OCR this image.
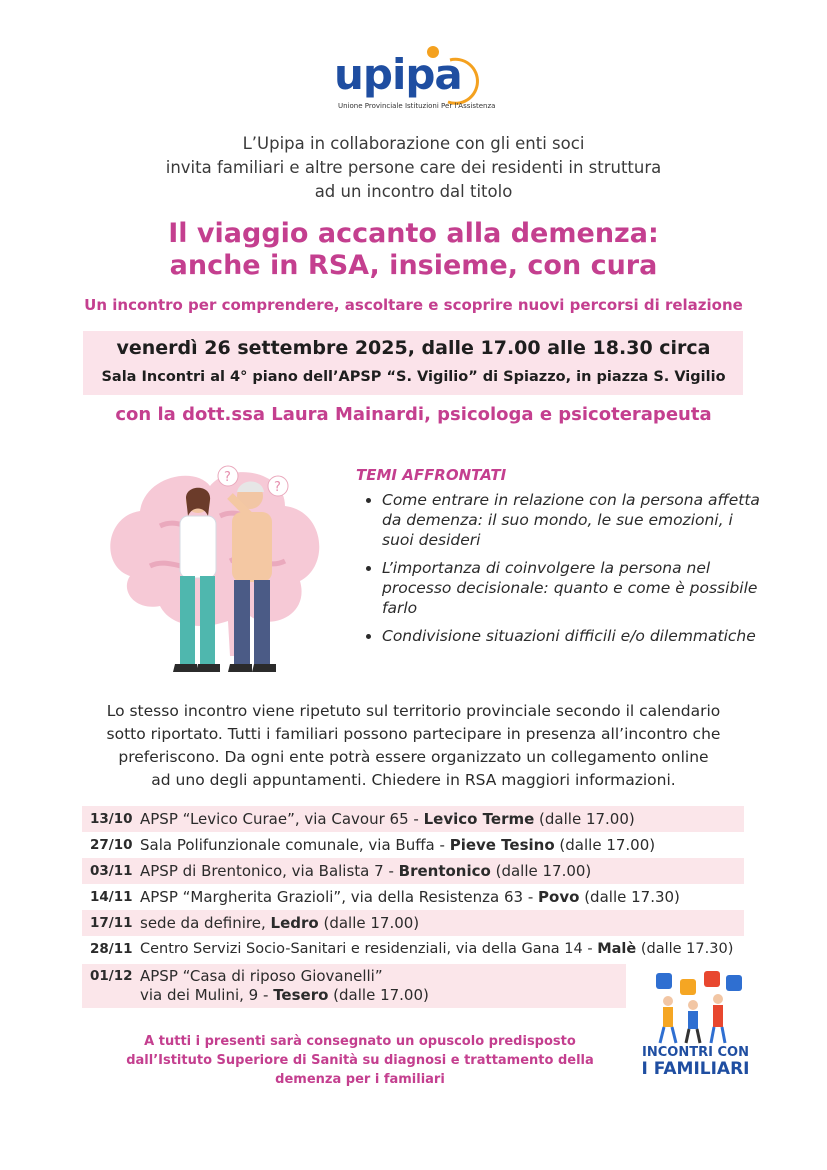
upipa
Unione Provinciale Istituzioni Per l'Assistenza
L’Upipa in collaborazione con gli enti soci
invita familiari e altre persone care dei residenti in struttura
ad un incontro dal titolo
Il viaggio accanto alla demenza:
anche in RSA, insieme, con cura
Un incontro per comprendere, ascoltare e scoprire nuovi percorsi di relazione
venerdì 26 settembre 2025, dalle 17.00 alle 18.30 circa
Sala Incontri al 4° piano dell’APSP “S. Vigilio” di Spiazzo, in piazza S. Vigilio
con la dott.ssa Laura Mainardi, psicologa e psicoterapeuta
?
?
TEMI AFFRONTATI
• Come entrare in relazione con la persona affetta da demenza: il suo mondo, le sue emozioni, i suoi desideri
• L’importanza di coinvolgere la persona nel processo decisionale: quanto e come è possibile farlo
• Condivisione situazioni difficili e/o dilemmatiche
Lo stesso incontro viene ripetuto sul territorio provinciale secondo il calendario
sotto riportato. Tutti i familiari possono partecipare in presenza all’incontro che
preferiscono. Da ogni ente potrà essere organizzato un collegamento online
ad uno degli appuntamenti. Chiedere in RSA maggiori informazioni.
13/10 APSP “Levico Curae”, via Cavour 65 - Levico Terme (dalle 17.00)
27/10 Sala Polifunzionale comunale, via Buffa - Pieve Tesino (dalle 17.00)
03/11 APSP di Brentonico, via Balista 7 - Brentonico (dalle 17.00)
14/11 APSP “Margherita Grazioli”, via della Resistenza 63 - Povo (dalle 17.30)
17/11 sede da definire, Ledro (dalle 17.00)
28/11 Centro Servizi Socio-Sanitari e residenziali, via della Gana 14 - Malè (dalle 17.30)
01/12 APSP “Casa di riposo Giovanelli”
via dei Mulini, 9 - Tesero (dalle 17.00)
A tutti i presenti sarà consegnato un opuscolo predisposto
dall’Istituto Superiore di Sanità su diagnosi e trattamento della
demenza per i familiari
INCONTRI CON
I FAMILIARI
